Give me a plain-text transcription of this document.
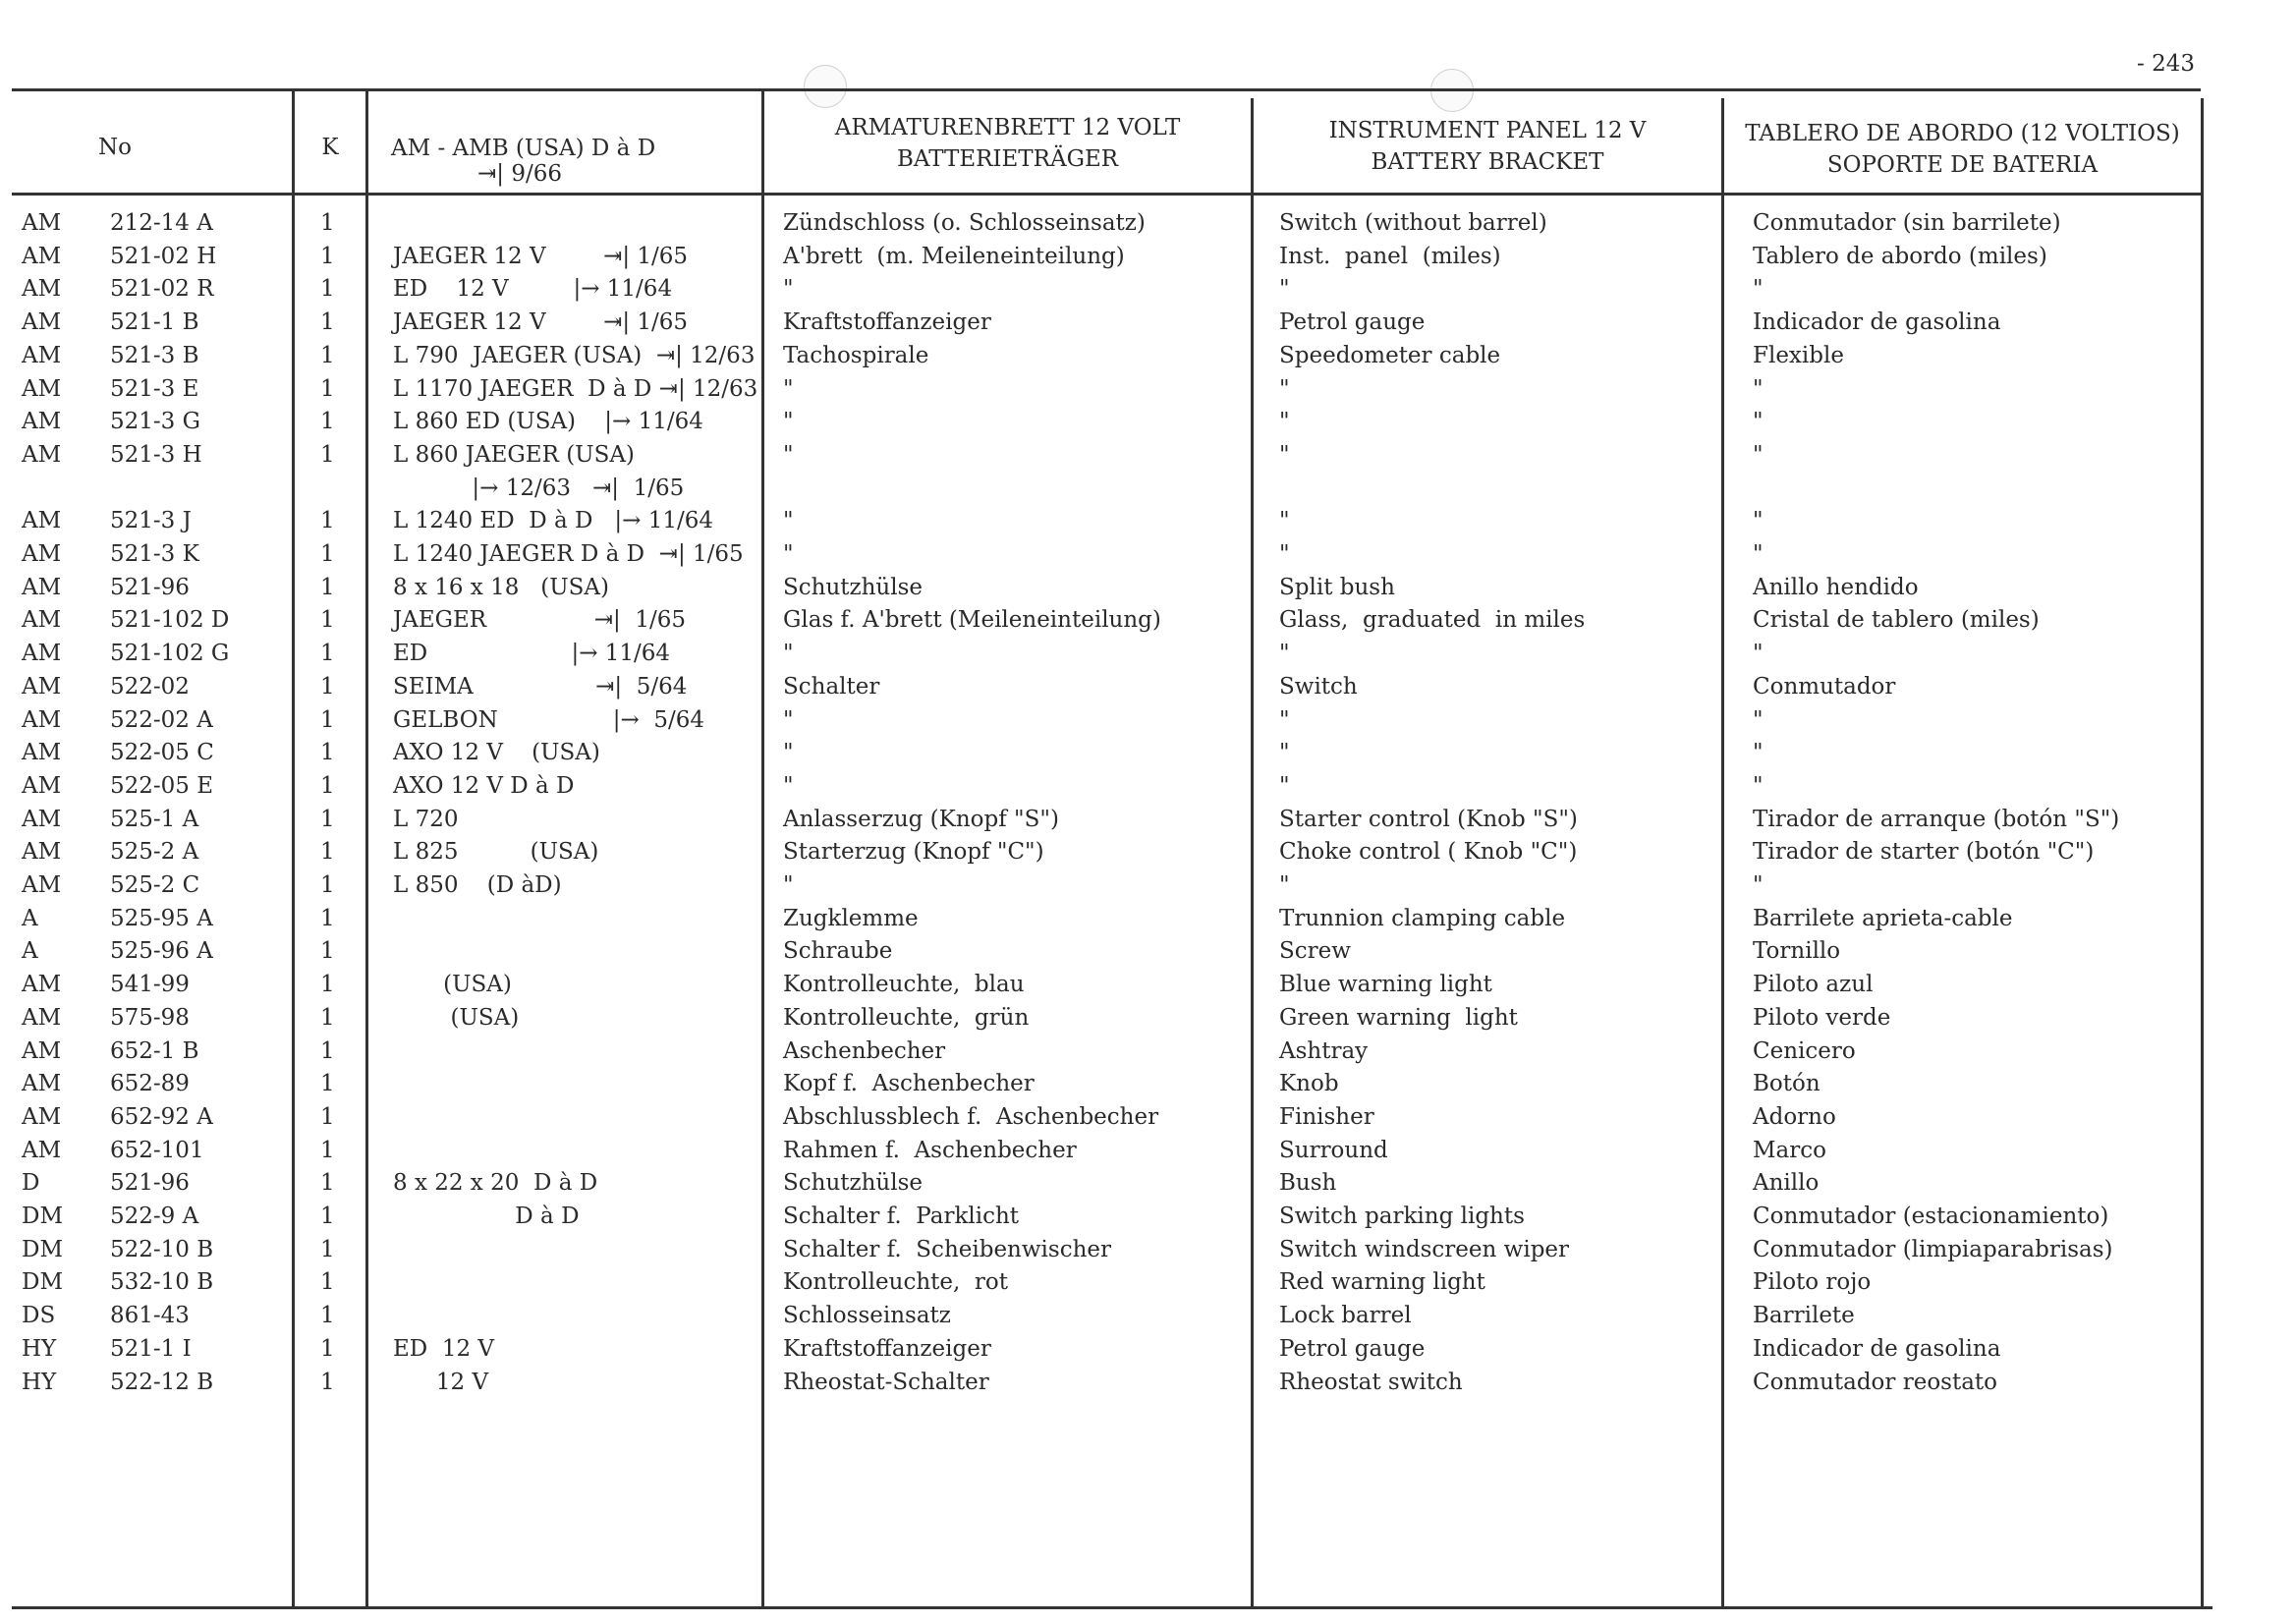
- 243
No	K	AM - AMB (USA) D à D
⇥| 9/66
ARMATURENBRETT 12 VOLT
BATTERIETRÄGER
INSTRUMENT PANEL 12 V
BATTERY BRACKET
TABLERO DE ABORDO (12 VOLTIOS)
SOPORTE DE BATERIA
AM 212-14 A	1	Zündschloss (o. Schlosseinsatz)	Switch (without barrel)	Conmutador (sin barrilete)
AM 521-02 H	1	JAEGER 12 V        ⇥| 1/65	A'brett  (m. Meileneinteilung)	Inst.  panel  (miles)	Tablero de abordo (miles)
AM 521-02 R	1	ED    12 V         |→ 11/64	"	"	"
AM 521-1 B	1	JAEGER 12 V        ⇥| 1/65	Kraftstoffanzeiger	Petrol gauge	Indicador de gasolina
AM 521-3 B	1	L 790  JAEGER (USA)  ⇥| 12/63 Tachospirale	Speedometer cable	Flexible
AM 521-3 E	1	L 1170 JAEGER  D à D ⇥| 12/63 "	"	"
AM 521-3 G	1	L 860 ED (USA)    |→ 11/64	"	"	"
AM 521-3 H	1	L 860 JAEGER (USA)	"	"	"
|→ 12/63   ⇥|  1/65
AM 521-3 J	1	L 1240 ED  D à D   |→ 11/64	"	"	"
AM 521-3 K	1	L 1240 JAEGER D à D  ⇥| 1/65 "	"	"
AM 521-96	1	8 x 16 x 18   (USA)	Schutzhülse	Split bush	Anillo hendido
AM 521-102 D	1	JAEGER               ⇥|  1/65	Glas f. A'brett (Meileneinteilung)	Glass,  graduated  in miles	Cristal de tablero (miles)
AM 521-102 G	1	ED                    |→ 11/64	"	"	"
AM 522-02	1	SEIMA                 ⇥|  5/64	Schalter	Switch	Conmutador
AM 522-02 A	1	GELBON                |→  5/64	"	"	"
AM 522-05 C	1	AXO 12 V    (USA)	"	"	"
AM 522-05 E	1	AXO 12 V D à D	"	"	"
AM 525-1 A	1	L 720	Anlasserzug (Knopf "S")	Starter control (Knob "S")	Tirador de arranque (botón "S")
AM 525-2 A	1	L 825          (USA)	Starterzug (Knopf "C")	Choke control ( Knob "C")	Tirador de starter (botón "C")
AM 525-2 C	1	L 850    (D àD)	"	"	"
A	525-95 A	1	Zugklemme	Trunnion clamping cable	Barrilete aprieta-cable
A	525-96 A	1	Schraube	Screw	Tornillo
AM 541-99	1	(USA)	Kontrolleuchte,  blau	Blue warning light	Piloto azul
AM 575-98	1	(USA)	Kontrolleuchte,  grün	Green warning  light	Piloto verde
AM 652-1 B	1	Aschenbecher	Ashtray	Cenicero
AM 652-89	1	Kopf f.  Aschenbecher	Knob	Botón
AM 652-92 A	1	Abschlussblech f.  Aschenbecher	Finisher	Adorno
AM 652-101	1	Rahmen f.  Aschenbecher	Surround	Marco
D	521-96	1	8 x 22 x 20  D à D	Schutzhülse	Bush	Anillo
DM 522-9 A	1	D à D	Schalter f.  Parklicht	Switch parking lights	Conmutador (estacionamiento)
DM 522-10 B	1	Schalter f.  Scheibenwischer	Switch windscreen wiper	Conmutador (limpiaparabrisas)
DM 532-10 B	1	Kontrolleuchte,  rot	Red warning light	Piloto rojo
DS 861-43	1	Schlosseinsatz	Lock barrel	Barrilete
HY 521-1 I	1	ED  12 V	Kraftstoffanzeiger	Petrol gauge	Indicador de gasolina
HY 522-12 B	1	12 V	Rheostat-Schalter	Rheostat switch	Conmutador reostato
